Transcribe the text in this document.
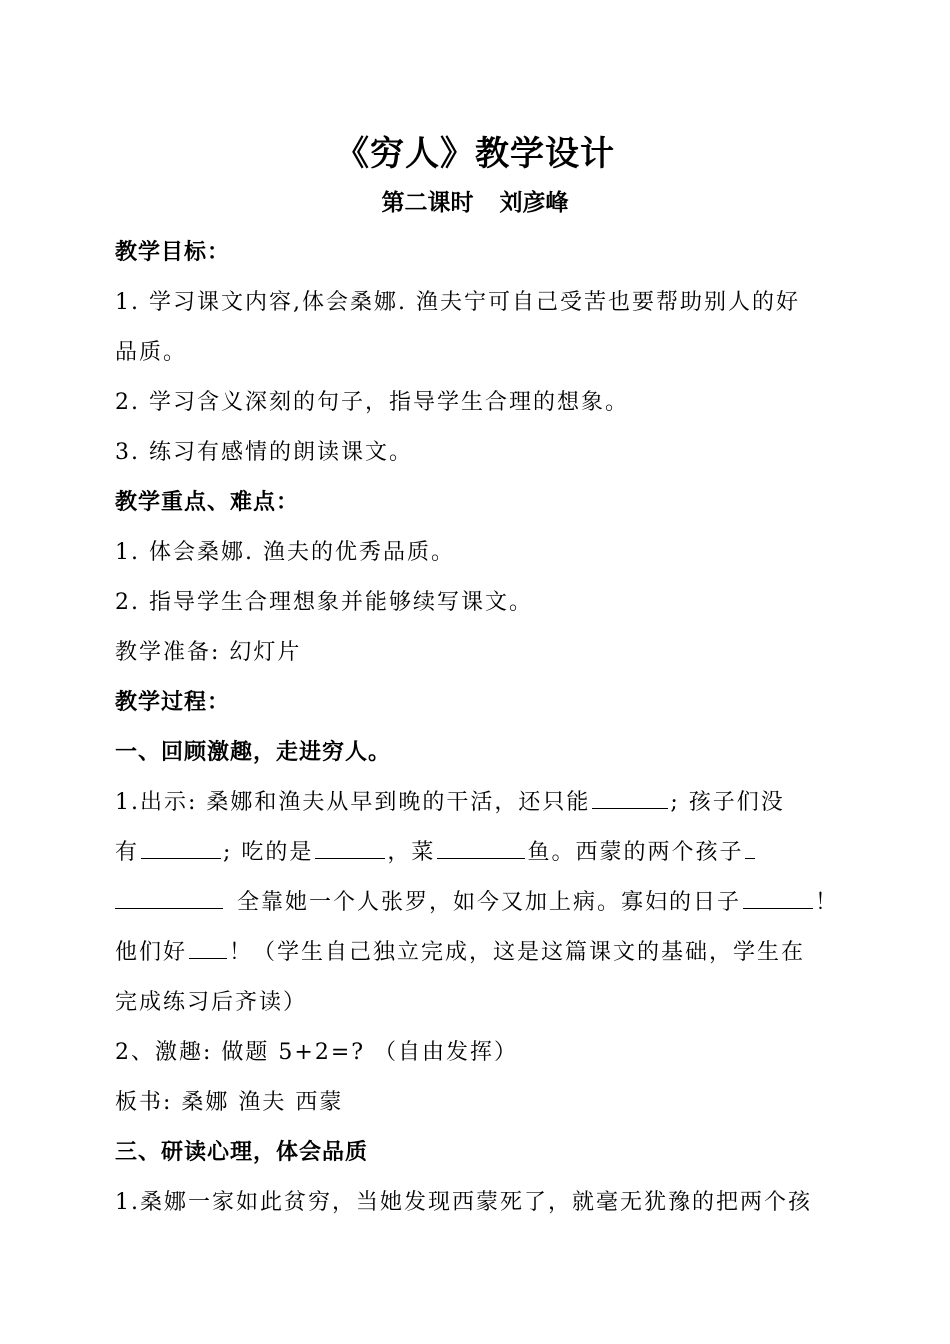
《穷人》教学设计
第二课时 刘彦峰
教学目标：
1. 学习课文内容,体会桑娜. 渔夫宁可自己受苦也要帮助别人的好
品质。
2. 学习含义深刻的句子，指导学生合理的想象。
3. 练习有感情的朗读课文。
教学重点、难点：
1. 体会桑娜. 渔夫的优秀品质。
2. 指导学生合理想象并能够续写课文。
教学准备: 幻灯片
教学过程：
一、回顾激趣，走进穷人。
1.出示: 桑娜和渔夫从早到晚的干活，还只能	; 孩子们没
有	; 吃的是	，菜	鱼。西蒙的两个孩子
全靠她一个人张罗，如今又加上病。寡妇的日子	！
他们好 ！（学生自己独立完成，这是这篇课文的基础，学生在
完成练习后齐读）
2、激趣: 做题 5+2=? （自由发挥）
板书: 桑娜 渔夫 西蒙
三、研读心理，体会品质
1.桑娜一家如此贫穷，当她发现西蒙死了，就毫无犹豫的把两个孩
